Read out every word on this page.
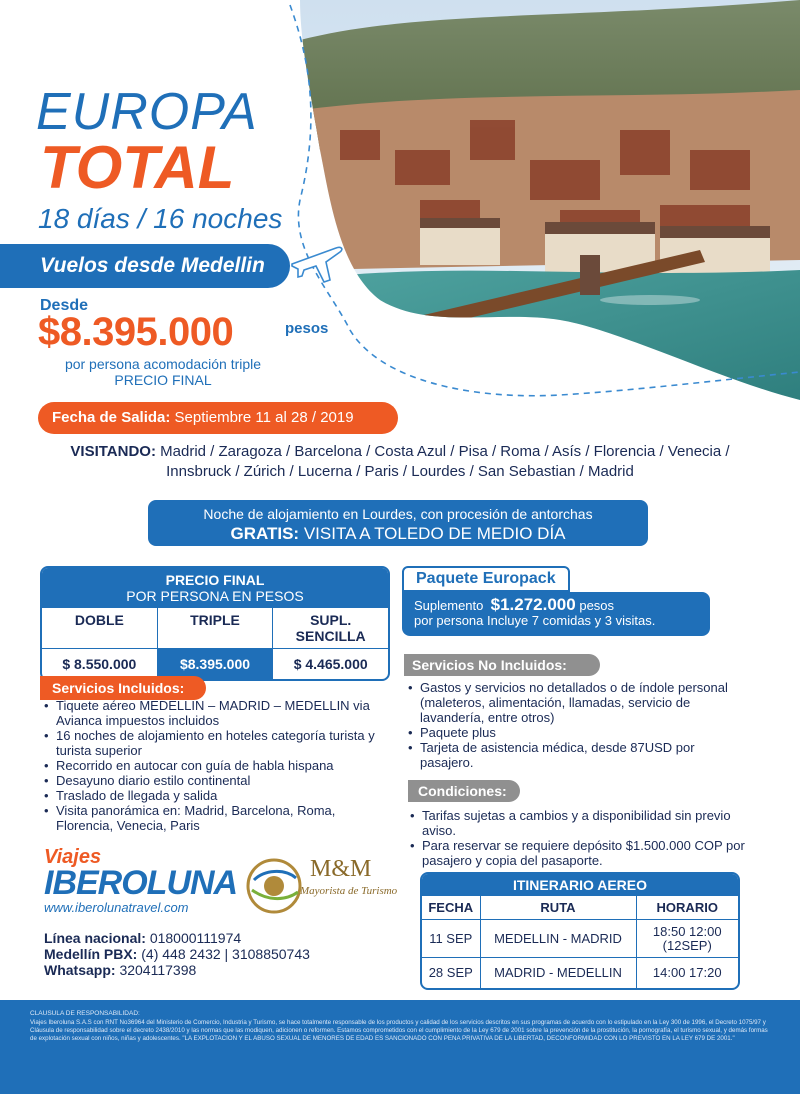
EUROPA
TOTAL
18 días / 16 noches
Vuelos desde Medellin
Desde
$8.395.000	pesos
por persona acomodación triple
PRECIO FINAL
Fecha de Salida: Septiembre 11 al 28 / 2019
VISITANDO: Madrid / Zaragoza / Barcelona / Costa Azul / Pisa / Roma / Asís / Florencia / Venecia / Innsbruck / Zúrich / Lucerna / Paris / Lourdes / San Sebastian / Madrid
Noche de alojamiento en Lourdes, con procesión de antorchas
GRATIS: VISITA A TOLEDO DE MEDIO DÍA
PRECIO FINAL
POR PERSONA EN PESOS
DOBLE	TRIPLE	SUPL. SENCILLA
$ 8.550.000	$8.395.000	$ 4.465.000
Paquete Europack
Suplemento $1.272.000 pesos
por persona Incluye 7 comidas y 3 visitas.
Servicios Incluidos:
• Tiquete aéreo MEDELLIN – MADRID – MEDELLIN via Avianca impuestos incluidos
• 16 noches de alojamiento en hoteles categoría turista y turista superior
• Recorrido en autocar con guía de habla hispana
• Desayuno diario estilo continental
• Traslado de llegada y salida
• Visita panorámica en: Madrid, Barcelona, Roma, Florencia, Venecia, Paris
Servicios No Incluidos:
• Gastos y servicios no detallados o de índole personal (maleteros, alimentación, llamadas, servicio de lavandería, entre otros)
• Paquete plus
• Tarjeta de asistencia médica, desde 87USD por pasajero.
Condiciones:
• Tarifas sujetas a cambios y a disponibilidad sin previo aviso.
• Para reservar se requiere depósito $1.500.000 COP por pasajero y copia del pasaporte.
ITINERARIO AEREO
FECHA	RUTA	HORARIO
11 SEP	MEDELLIN - MADRID	18:50 12:00 (12SEP)
28 SEP	MADRID - MEDELLIN	14:00 17:20
Viajes
IBEROLUNA
www.iberolunatravel.com
M&M
Mayorista de Turismo
Línea nacional: 018000111974
Medellín PBX: (4) 448 2432 | 3108850743
Whatsapp: 3204117398
CLAUSULA DE RESPONSABILIDAD:
Viajes Iberoluna S.A.S con RNT No36964 del Ministerio de Comercio, Industria y Turismo, se hace totalmente responsable de los productos y calidad de los servicios descritos en sus programas de acuerdo con lo estipulado en la Ley 300 de 1996, el Decreto 1075/97 y Cláusula de responsabilidad sobre el decreto 2438/2010 y las normas que las modiquen, adicionen o reformen. Estamos comprometidos con el cumplimiento de la Ley 679 de 2001 sobre la prevención de la prostitución, la pornografía, el turismo sexual, y demás formas de explotación sexual con niños, niñas y adolescentes. "LA EXPLOTACION Y EL ABUSO SEXUAL DE MENORES DE EDAD ES SANCIONADO CON PENA PRIVATIVA DE LA LIBERTAD, DECONFORMIDAD CON LO PREVISTO EN LA LEY 679 DE 2001."
